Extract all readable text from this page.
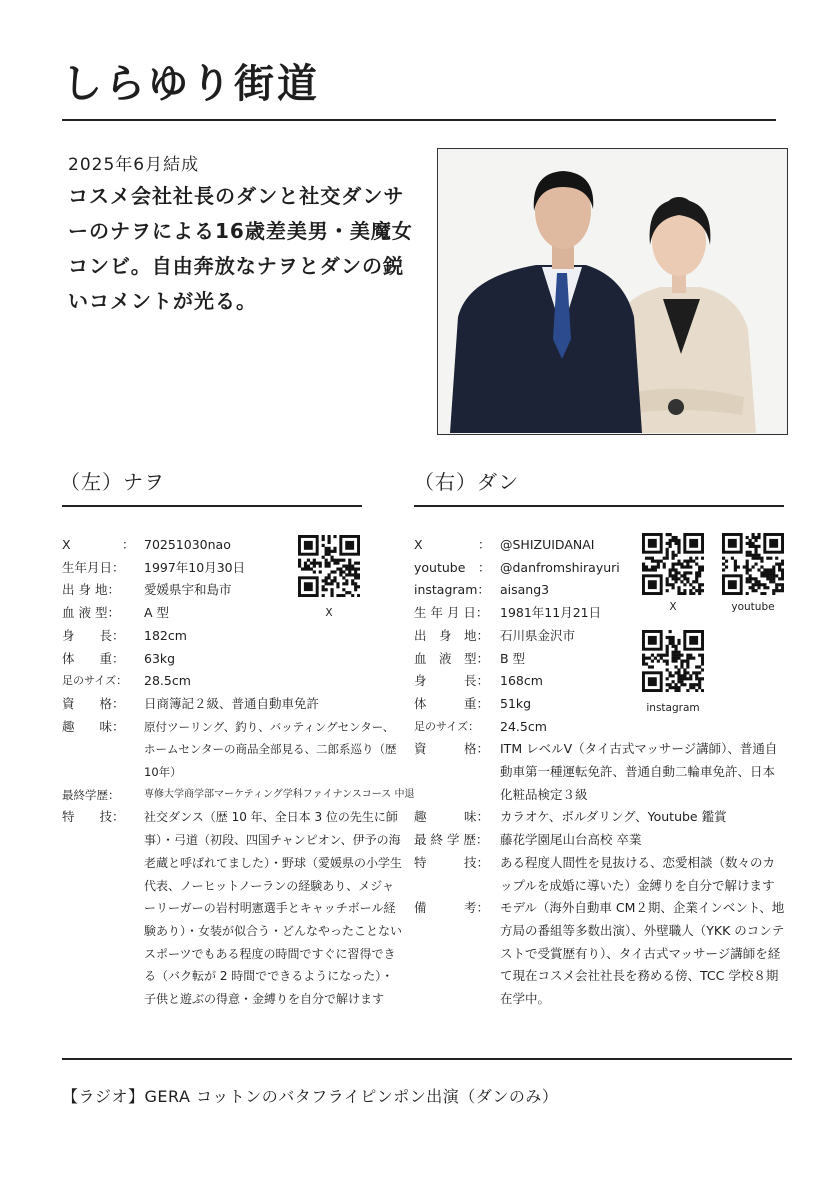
しらゆり街道
2025年6月結成

コスメ会社社長のダンと社交ダンサーのナヲによる16歳差美男・美魔女コンビ。自由奔放なナヲとダンの鋭いコメントが光る。

（左）ナヲ	（右）ダン
X	： 70251030nao
生年月日：	1997年10月30日
出 身 地：	愛媛県宇和島市
血 液 型：	A 型
身　　長：	182cm
体　　重：	63kg
足のサイズ：	28.5cm
資　　格：	日商簿記２級、普通自動車免許
趣　　味：	原付ツーリング、釣り、バッティングセンター、ホームセンターの商品全部見る、二郎系巡り（歴10年）
最終学歴：	専修大学商学部マーケティング学科ファイナンスコース 中退
特　　技：	社交ダンス（歴 10 年、全日本 3 位の先生に師事）・弓道（初段、四国チャンピオン、伊予の海老蔵と呼ばれてました）・野球（愛媛県の小学生代表、ノーヒットノーランの経験あり、メジャーリーガーの岩村明憲選手とキャッチボール経験あり）・女装が似合う・どんなやったことないスポーツでもある程度の時間ですぐに習得できる（バク転が 2 時間でできるようになった）・子供と遊ぶの得意・金縛りを自分で解けます
X
X	： @SHIZUIDANAI
youtube	： @danfromshirayuri
instagram： aisang3
生 年 月 日： 1981年11月21日
出　身　地： 石川県金沢市
血　液　型： B 型
身　　　長： 168cm
体　　　重： 51kg
足のサイズ：	24.5cm
資　　　格： ITM レベルV（タイ古式マッサージ講師）、普通自動車第一種運転免許、普通自動二輪車免許、日本化粧品検定３級
趣　　　味： カラオケ、ボルダリング、Youtube 鑑賞
最 終 学 歴： 藤花学園尾山台高校 卒業
特　　　技： ある程度人間性を見抜ける、恋愛相談（数々のカップルを成婚に導いた）金縛りを自分で解けます
備　　　考： モデル（海外自動車 CM２期、企業インベント、地方局の番組等多数出演）、外壁職人（YKK のコンテストで受賞歴有り）、タイ古式マッサージ講師を経て現在コスメ会社社長を務める傍、TCC 学校８期在学中。
X	youtube
instagram
【ラジオ】GERA コットンのバタフライピンポン出演（ダンのみ）
